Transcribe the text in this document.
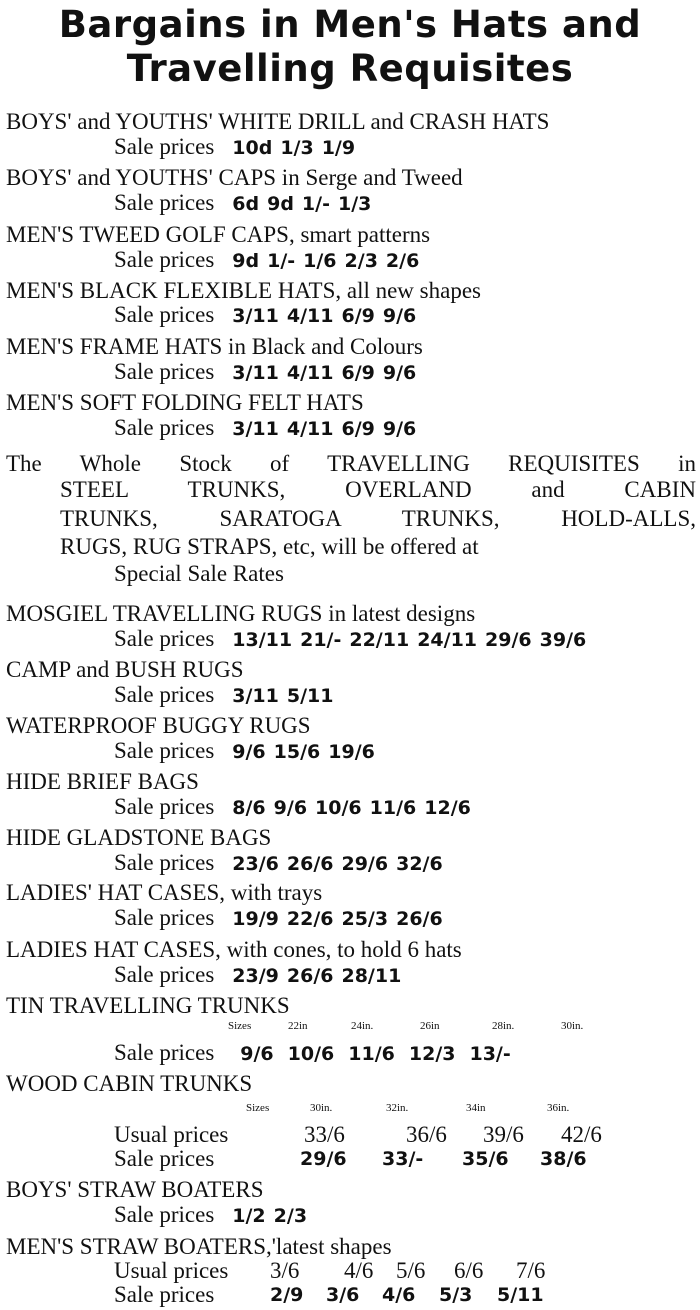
Bargains in Men's Hats and
Travelling Requisites
BOYS' and YOUTHS' WHITE DRILL and CRASH HATS
Sale prices 10d 1/3 1/9
BOYS' and YOUTHS' CAPS in Serge and Tweed
Sale prices 6d 9d 1/- 1/3
MEN'S TWEED GOLF CAPS, smart patterns
Sale prices 9d 1/- 1/6 2/3 2/6
MEN'S BLACK FLEXIBLE HATS, all new shapes
Sale prices 3/11 4/11 6/9 9/6
MEN'S FRAME HATS in Black and Colours
Sale prices 3/11 4/11 6/9 9/6
MEN'S SOFT FOLDING FELT HATS
Sale prices 3/11 4/11 6/9 9/6
The Whole Stock of TRAVELLING REQUISITES in
STEEL TRUNKS, OVERLAND and CABIN
TRUNKS, SARATOGA TRUNKS, HOLD-ALLS,
RUGS, RUG STRAPS, etc, will be offered at
Special Sale Rates
MOSGIEL TRAVELLING RUGS in latest designs
Sale prices 13/11 21/- 22/11 24/11 29/6 39/6
CAMP and BUSH RUGS
Sale prices 3/11 5/11
WATERPROOF BUGGY RUGS
Sale prices 9/6 15/6 19/6
HIDE BRIEF BAGS
Sale prices 8/6 9/6 10/6 11/6 12/6
HIDE GLADSTONE BAGS
Sale prices 23/6 26/6 29/6 32/6
LADIES' HAT CASES, with trays
Sale prices 19/9 22/6 25/3 26/6
LADIES HAT CASES, with cones, to hold 6 hats
Sale prices 23/9 26/6 28/11
TIN TRAVELLING TRUNKS
Sizes	22in	24in.	26in	28in.	30in.
Sale prices 9/6 10/6 11/6 12/3 13/-
WOOD CABIN TRUNKS
Sizes	30in.	32in.	34in	36in.
Usual prices	33/6	36/6 39/6 42/6
Sale prices	29/6 33/- 35/6 38/6
BOYS' STRAW BOATERS
Sale prices 1/2 2/3
MEN'S STRAW BOATERS,'latest shapes
Usual prices 3/6 4/6 5/6 6/6 7/6
Sale prices	2/9 3/6 4/6 5/3 5/11
